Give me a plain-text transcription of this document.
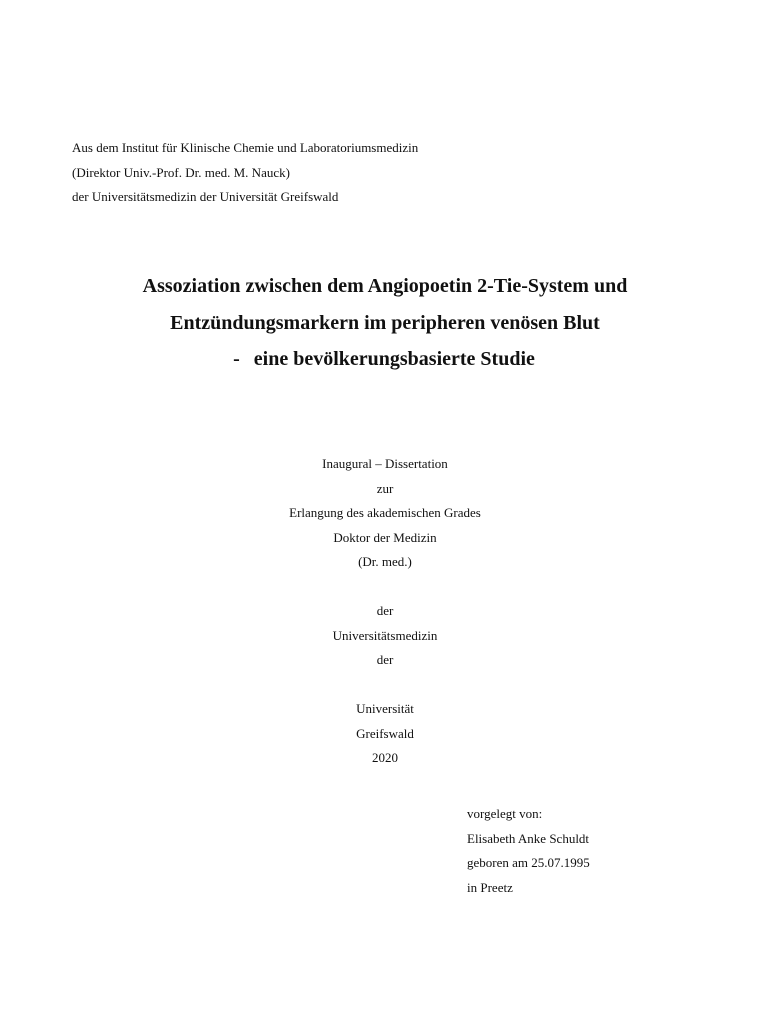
Aus dem Institut für Klinische Chemie und Laboratoriumsmedizin
(Direktor Univ.-Prof. Dr. med. M. Nauck)
der Universitätsmedizin der Universität Greifswald
Assoziation zwischen dem Angiopoetin 2-Tie-System und
Entzündungsmarkern im peripheren venösen Blut
- eine bevölkerungsbasierte Studie
Inaugural – Dissertation
zur
Erlangung des akademischen Grades
Doktor der Medizin
(Dr. med.)
der
Universitätsmedizin
der
Universität
Greifswald
2020
vorgelegt von:
Elisabeth Anke Schuldt
geboren am 25.07.1995
in Preetz
